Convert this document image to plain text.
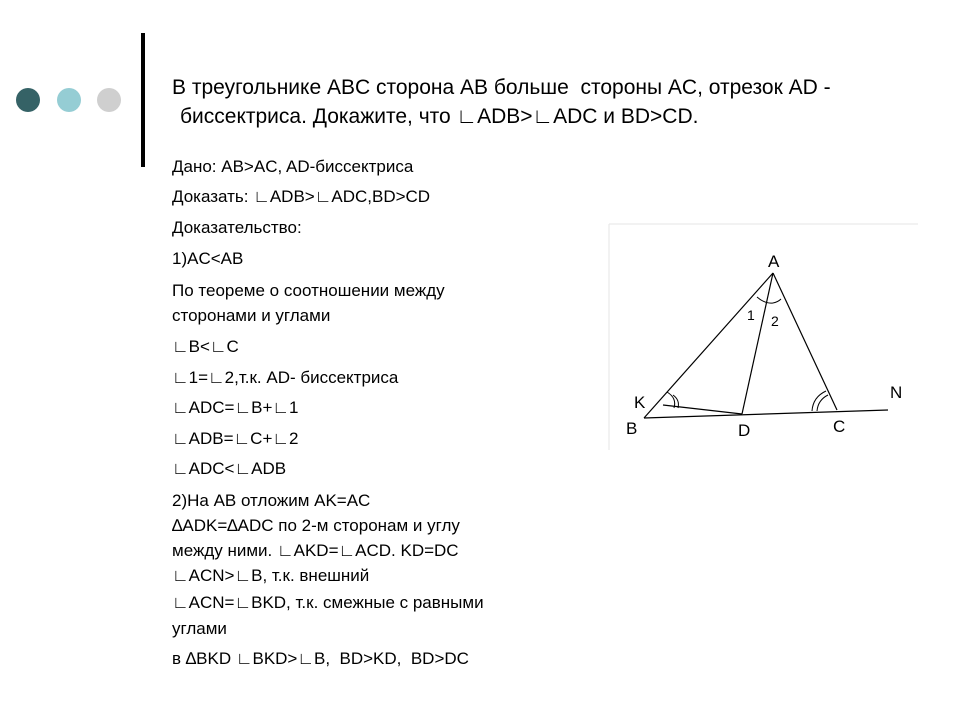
В треугольнике ABC сторона AB больше  стороны AC, отрезок AD -
биссектриса. Докажите, что ∟ADB>∟ADC и BD>CD.
Дано: AB>AC, AD-биссектриса
Доказать: ∟ADB>∟ADC,BD>CD
Доказательство:
1)AC<AB
По теореме о соотношении между
сторонами и углами
∟B<∟C
∟1=∟2,т.к. AD- биссектриса
∟ADC=∟B+∟1
∟ADB=∟C+∟2
∟ADC<∟ADB
2)На AB отложим AK=AC
∆ADK=∆ADC по 2-м сторонам и углу
между ними. ∟AKD=∟ACD. KD=DC
∟ACN>∟B, т.к. внешний
∟ACN=∟BKD, т.к. смежные с равными
углами
в ∆BKD ∟BKD>∟B,  BD>KD,  BD>DC
A
B	C
D
K
N
1 2
